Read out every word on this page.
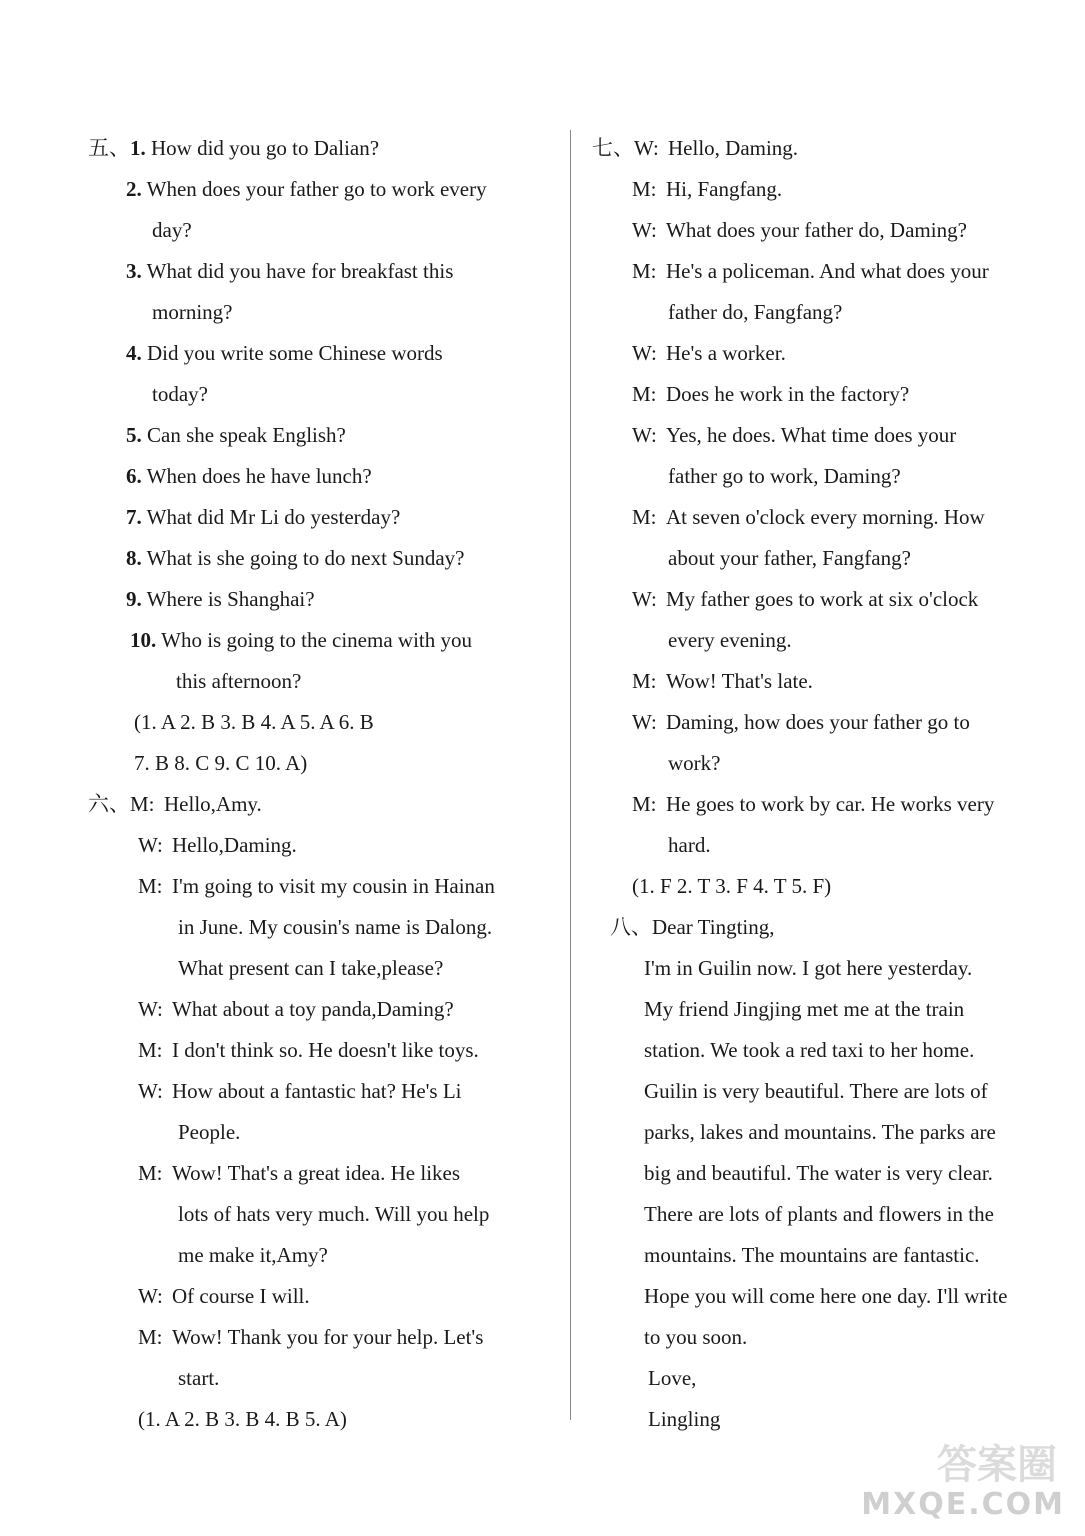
五、1. How did you go to Dalian?
2. When does your father go to work every
day?
3. What did you have for breakfast this
morning?
4. Did you write some Chinese words
today?
5. Can she speak English?
6. When does he have lunch?
7. What did Mr Li do yesterday?
8. What is she going to do next Sunday?
9. Where is Shanghai?
10. Who is going to the cinema with you
this afternoon?
(1. A 2. B 3. B 4. A 5. A 6. B
7. B 8. C 9. C 10. A)
六、M: Hello,Amy.
W: Hello,Daming.
M: I'm going to visit my cousin in Hainan
in June. My cousin's name is Dalong.
What present can I take,please?
W: What about a toy panda,Daming?
M: I don't think so. He doesn't like toys.
W: How about a fantastic hat? He's Li
People.
M: Wow! That's a great idea. He likes
lots of hats very much. Will you help
me make it,Amy?
W: Of course I will.
M: Wow! Thank you for your help. Let's
start.
(1. A 2. B 3. B 4. B 5. A)
七、W: Hello, Daming.
M: Hi, Fangfang.
W: What does your father do, Daming?
M: He's a policeman. And what does your
father do, Fangfang?
W: He's a worker.
M: Does he work in the factory?
W: Yes, he does. What time does your
father go to work, Daming?
M: At seven o'clock every morning. How
about your father, Fangfang?
W: My father goes to work at six o'clock
every evening.
M: Wow! That's late.
W: Daming, how does your father go to
work?
M: He goes to work by car. He works very
hard.
(1. F 2. T 3. F 4. T 5. F)
八、Dear Tingting,
I'm in Guilin now. I got here yesterday.
My friend Jingjing met me at the train
station. We took a red taxi to her home.
Guilin is very beautiful. There are lots of
parks, lakes and mountains. The parks are
big and beautiful. The water is very clear.
There are lots of plants and flowers in the
mountains. The mountains are fantastic.
Hope you will come here one day. I'll write
to you soon.
Love,
Lingling
答案圈
MXQE.COM
